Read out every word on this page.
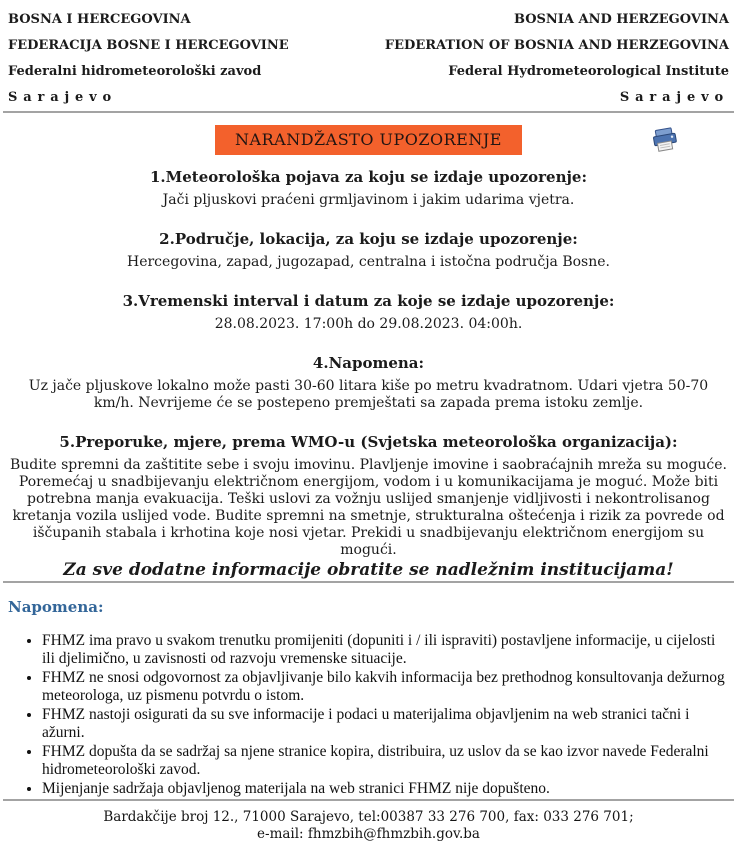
BOSNA I HERCEGOVINA
FEDERACIJA BOSNE I HERCEGOVINE
Federalni hidrometeorološki zavod
Sarajevo
BOSNIA AND HERZEGOVINA
FEDERATION OF BOSNIA AND HERZEGOVINA
Federal Hydrometeorological Institute
Sarajevo
NARANDŽASTO UPOZORENJE
1.Meteorološka pojava za koju se izdaje upozorenje:
Jači pljuskovi praćeni grmljavinom i jakim udarima vjetra.
2.Područje, lokacija, za koju se izdaje upozorenje:
Hercegovina, zapad, jugozapad, centralna i istočna područja Bosne.
3.Vremenski interval i datum za koje se izdaje upozorenje:
28.08.2023. 17:00h do 29.08.2023. 04:00h.
4.Napomena:
Uz jače pljuskove lokalno može pasti 30-60 litara kiše po metru kvadratnom. Udari vjetra 50-70 km/h. Nevrijeme će se postepeno premještati sa zapada prema istoku zemlje.
5.Preporuke, mjere, prema WMO-u (Svjetska meteorološka organizacija):
Budite spremni da zaštitite sebe i svoju imovinu. Plavljenje imovine i saobraćajnih mreža su moguće. Poremećaj u snadbijevanju električnom energijom, vodom i u komunikacijama je moguć. Može biti potrebna manja evakuacija. Teški uslovi za vožnju uslijed smanjenje vidljivosti i nekontrolisanog kretanja vozila uslijed vode. Budite spremni na smetnje, strukturalna oštećenja i rizik za povrede od iščupanih stabala i krhotina koje nosi vjetar. Prekidi u snadbijevanju električnom energijom su mogući.
Za sve dodatne informacije obratite se nadležnim institucijama!
Napomena:
• FHMZ ima pravo u svakom trenutku promijeniti (dopuniti i / ili ispraviti) postavljene informacije, u cijelosti ili djelimično, u zavisnosti od razvoju vremenske situacije.
• FHMZ ne snosi odgovornost za objavljivanje bilo kakvih informacija bez prethodnog konsultovanja dežurnog meteorologa, uz pismenu potvrdu o istom.
• FHMZ nastoji osigurati da su sve informacije i podaci u materijalima objavljenim na web stranici tačni i ažurni.
• FHMZ dopušta da se sadržaj sa njene stranice kopira, distribuira, uz uslov da se kao izvor navede Federalni hidrometeorološki zavod.
• Mijenjanje sadržaja objavljenog materijala na web stranici FHMZ nije dopušteno.
Bardakčije broj 12., 71000 Sarajevo, tel:00387 33 276 700, fax: 033 276 701;
e-mail: fhmzbih@fhmzbih.gov.ba
